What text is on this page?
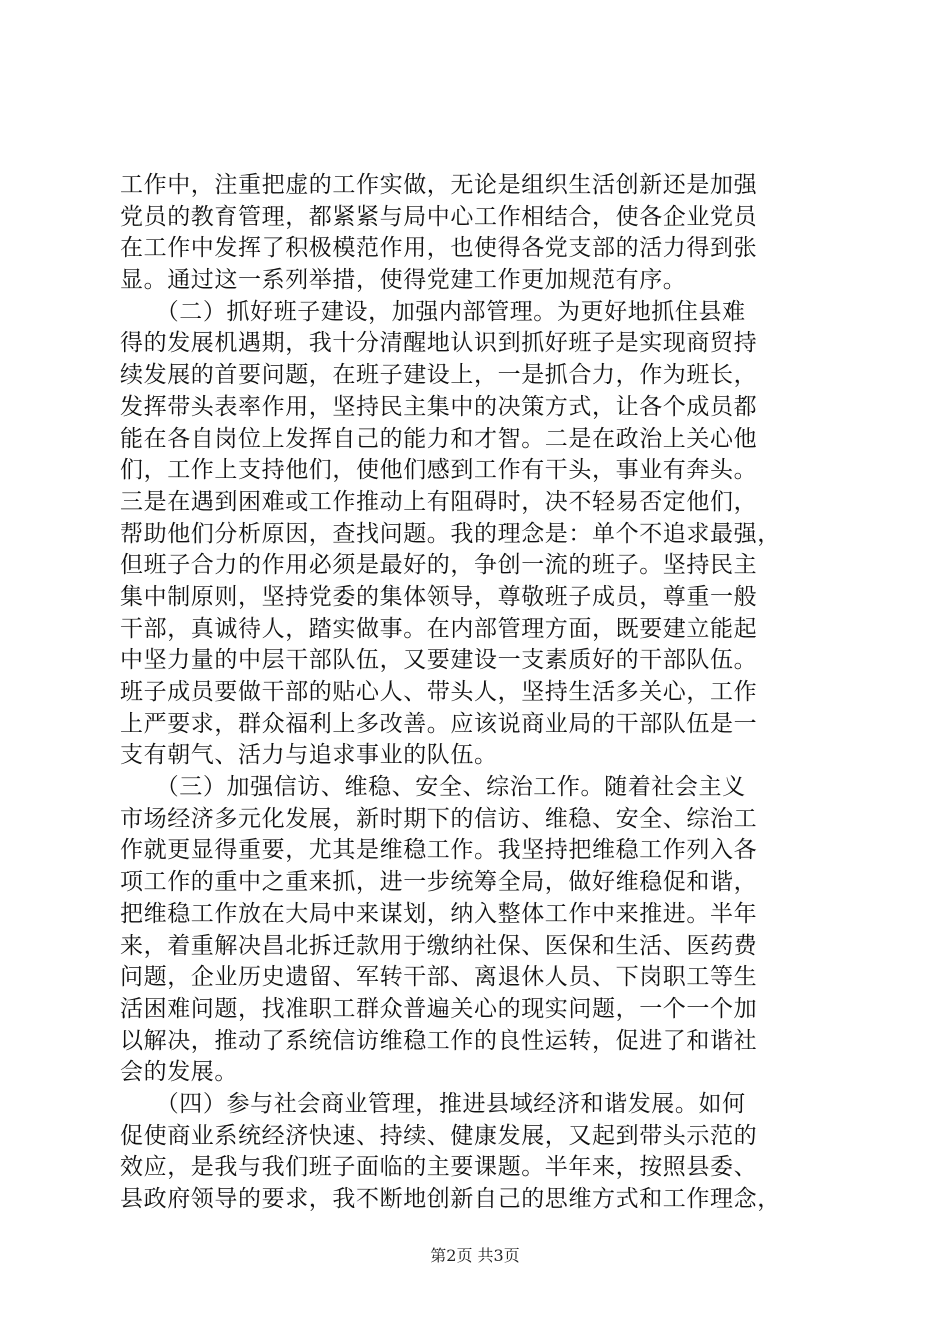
工作中，注重把虚的工作实做，无论是组织生活创新还是加强
党员的教育管理，都紧紧与局中心工作相结合，使各企业党员
在工作中发挥了积极模范作用，也使得各党支部的活力得到张
显。通过这一系列举措，使得党建工作更加规范有序。
　　（二）抓好班子建设，加强内部管理。为更好地抓住县难
得的发展机遇期，我十分清醒地认识到抓好班子是实现商贸持
续发展的首要问题，在班子建设上，一是抓合力，作为班长，
发挥带头表率作用，坚持民主集中的决策方式，让各个成员都
能在各自岗位上发挥自己的能力和才智。二是在政治上关心他
们，工作上支持他们，使他们感到工作有干头，事业有奔头。
三是在遇到困难或工作推动上有阻碍时，决不轻易否定他们，
帮助他们分析原因，查找问题。我的理念是：单个不追求最强，
但班子合力的作用必须是最好的，争创一流的班子。坚持民主
集中制原则，坚持党委的集体领导，尊敬班子成员，尊重一般
干部，真诚待人，踏实做事。在内部管理方面，既要建立能起
中坚力量的中层干部队伍，又要建设一支素质好的干部队伍。
班子成员要做干部的贴心人、带头人，坚持生活多关心，工作
上严要求，群众福利上多改善。应该说商业局的干部队伍是一
支有朝气、活力与追求事业的队伍。
　　（三）加强信访、维稳、安全、综治工作。随着社会主义
市场经济多元化发展，新时期下的信访、维稳、安全、综治工
作就更显得重要，尤其是维稳工作。我坚持把维稳工作列入各
项工作的重中之重来抓，进一步统筹全局，做好维稳促和谐，
把维稳工作放在大局中来谋划，纳入整体工作中来推进。半年
来，着重解决昌北拆迁款用于缴纳社保、医保和生活、医药费
问题，企业历史遗留、军转干部、离退休人员、下岗职工等生
活困难问题，找准职工群众普遍关心的现实问题，一个一个加
以解决，推动了系统信访维稳工作的良性运转，促进了和谐社
会的发展。
　　（四）参与社会商业管理，推进县域经济和谐发展。如何
促使商业系统经济快速、持续、健康发展，又起到带头示范的
效应，是我与我们班子面临的主要课题。半年来，按照县委、
县政府领导的要求，我不断地创新自己的思维方式和工作理念，
第2页 共3页
